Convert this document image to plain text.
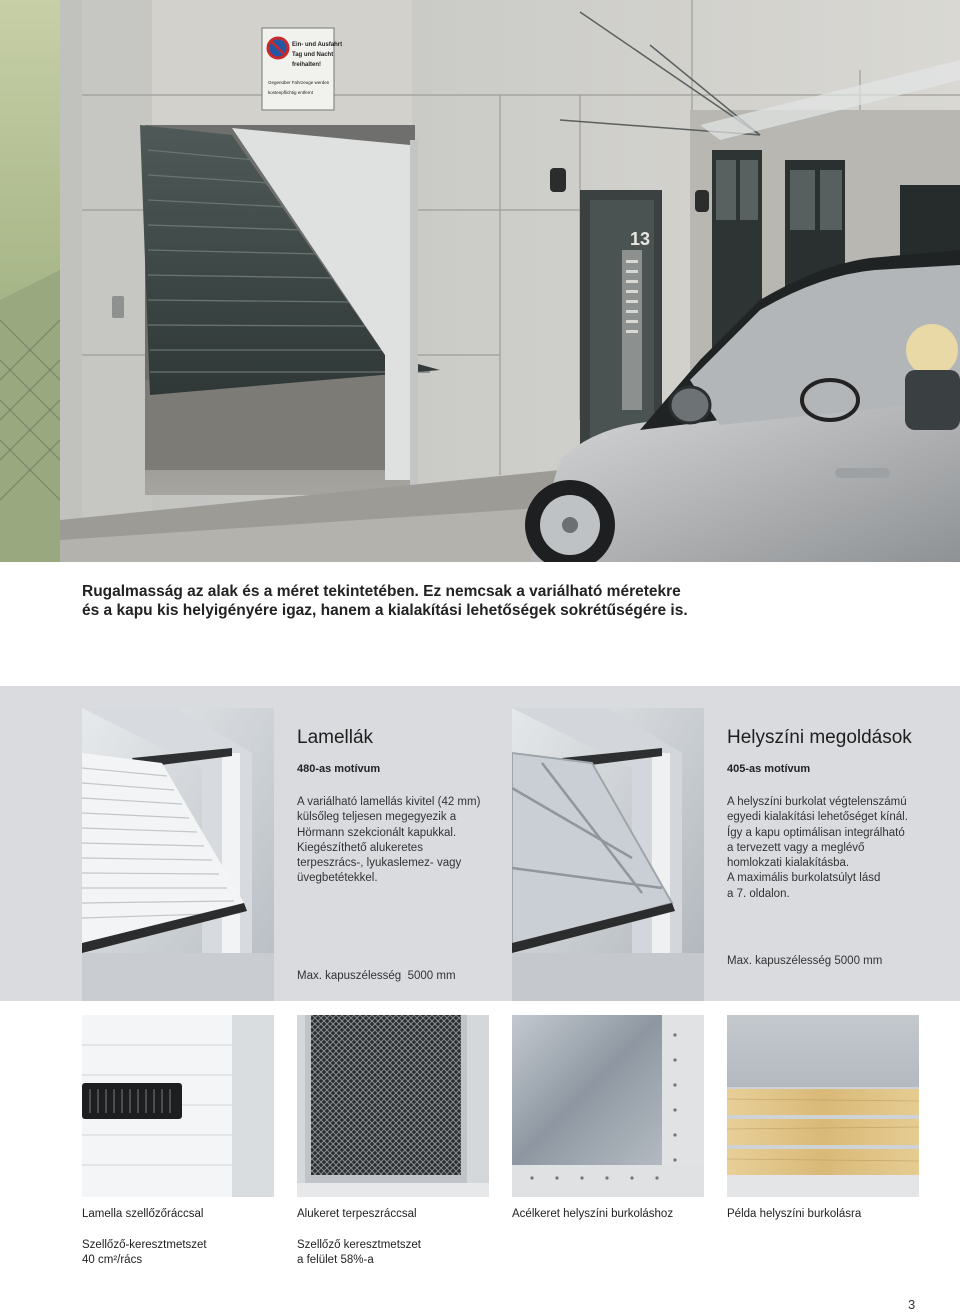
13
Ein- und Ausfahrt
Tag und Nacht
freihalten!
Gegenüber Fahrzeuge werden
kostenpflichtig entfernt
Rugalmasság az alak és a méret tekintetében. Ez nemcsak a variálható méretekre
és a kapu kis helyigényére igaz, hanem a kialakítási lehetőségek sokrétűségére is.
Lamellák
480-as motívum
A variálható lamellás kivitel (42 mm)
külsőleg teljesen megegyezik a
Hörmann szekcionált kapukkal.
Kiegészíthető alukeretes
terpeszrács-, lyukaslemez- vagy
üvegbetétekkel.
Max. kapuszélesség  5000 mm
Helyszíni megoldások
405-as motívum
A helyszíni burkolat végtelenszámú
egyedi kialakítási lehetőséget kínál.
Így a kapu optimálisan integrálható
a tervezett vagy a meglévő
homlokzati kialakításba.
A maximális burkolatsúlyt lásd
a 7. oldalon.
Max. kapuszélesség 5000 mm
Lamella szellőzőráccsal
Szellőző-keresztmetszet
40 cm²/rács
Alukeret terpeszráccsal
Szellőző keresztmetszet
a felület 58%-a
Acélkeret helyszíni burkoláshoz	Példa helyszíni burkolásra
3
